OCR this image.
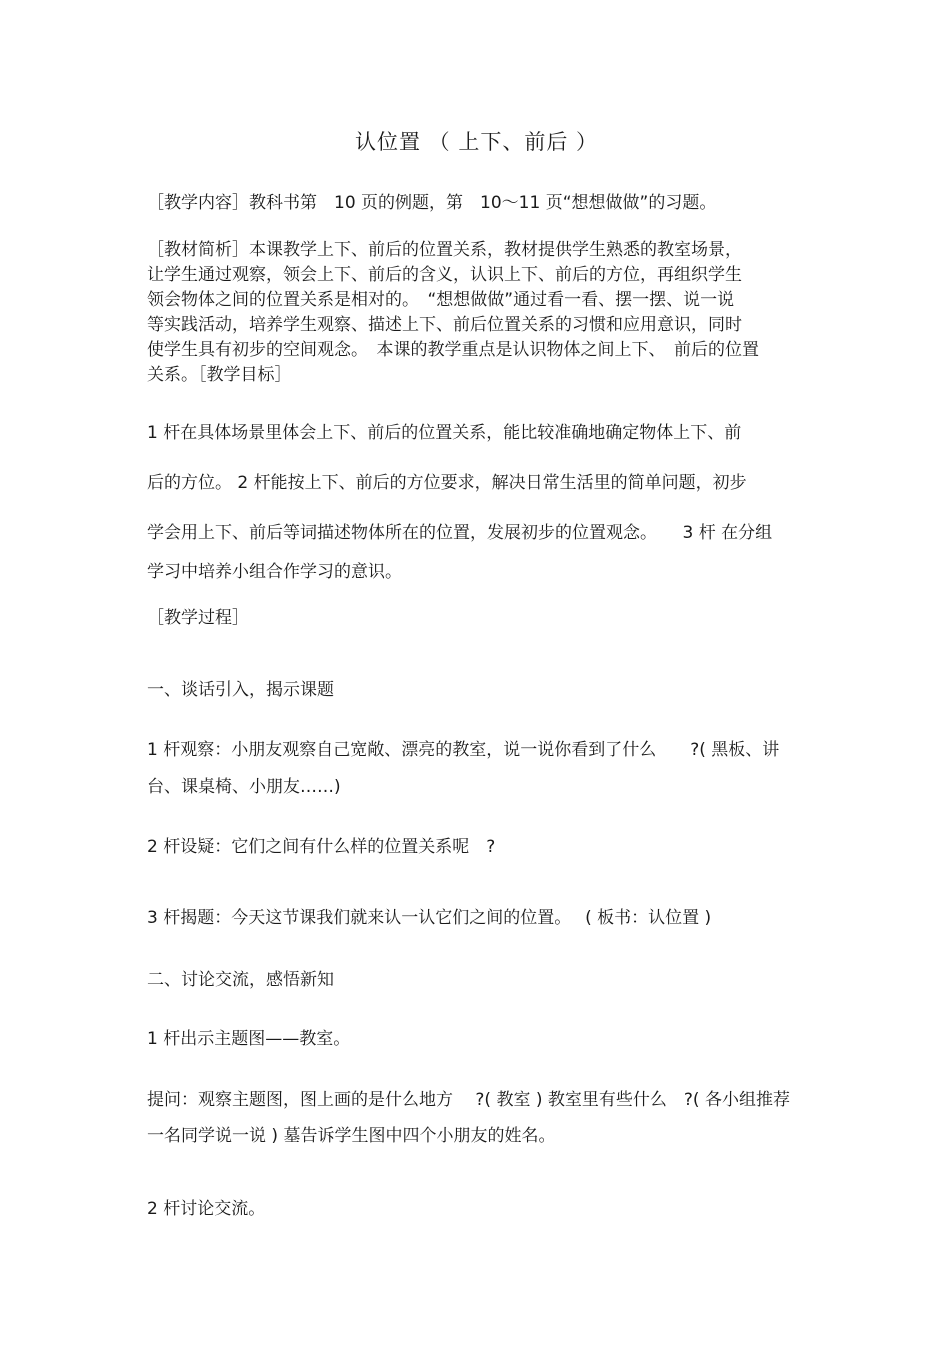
认位置 （ 上下、前后 ）
［教学内容］教科书第　10 页的例题，第　10～11 页“想想做做”的习题。
［教材简析］本课教学上下、前后的位置关系，教材提供学生熟悉的教室场景，
让学生通过观察，领会上下、前后的含义，认识上下、前后的方位，再组织学生
领会物体之间的位置关系是相对的。　“想想做做”通过看一看、摆一摆、说一说
等实践活动，培养学生观察、描述上下、前后位置关系的习惯和应用意识，同时
使学生具有初步的空间观念。　本课的教学重点是认识物体之间上下、　前后的位置
关系。［教学目标］
1 杆在具体场景里体会上下、前后的位置关系，能比较准确地确定物体上下、前
后的方位。 2 杆能按上下、前后的方位要求，解决日常生活里的简单问题，初步
学会用上下、前后等词描述物体所在的位置，发展初步的位置观念。　　3 杆 在分组
学习中培养小组合作学习的意识。
［教学过程］
一、谈话引入，揭示课题
1 杆观察：小朋友观察自己宽敞、漂亮的教室，说一说你看到了什么　　?( 黑板、讲
台、课桌椅、小朋友……)
2 杆设疑：它们之间有什么样的位置关系呢　?
3 杆揭题：今天这节课我们就来认一认它们之间的位置。　 ( 板书：认位置 )
二、讨论交流，感悟新知
1 杆出示主题图——教室。
提问：观察主题图，图上画的是什么地方　 ?( 教室 ) 教室里有些什么　?( 各小组推荐
一名同学说一说 ) 墓告诉学生图中四个小朋友的姓名。
2 杆讨论交流。
